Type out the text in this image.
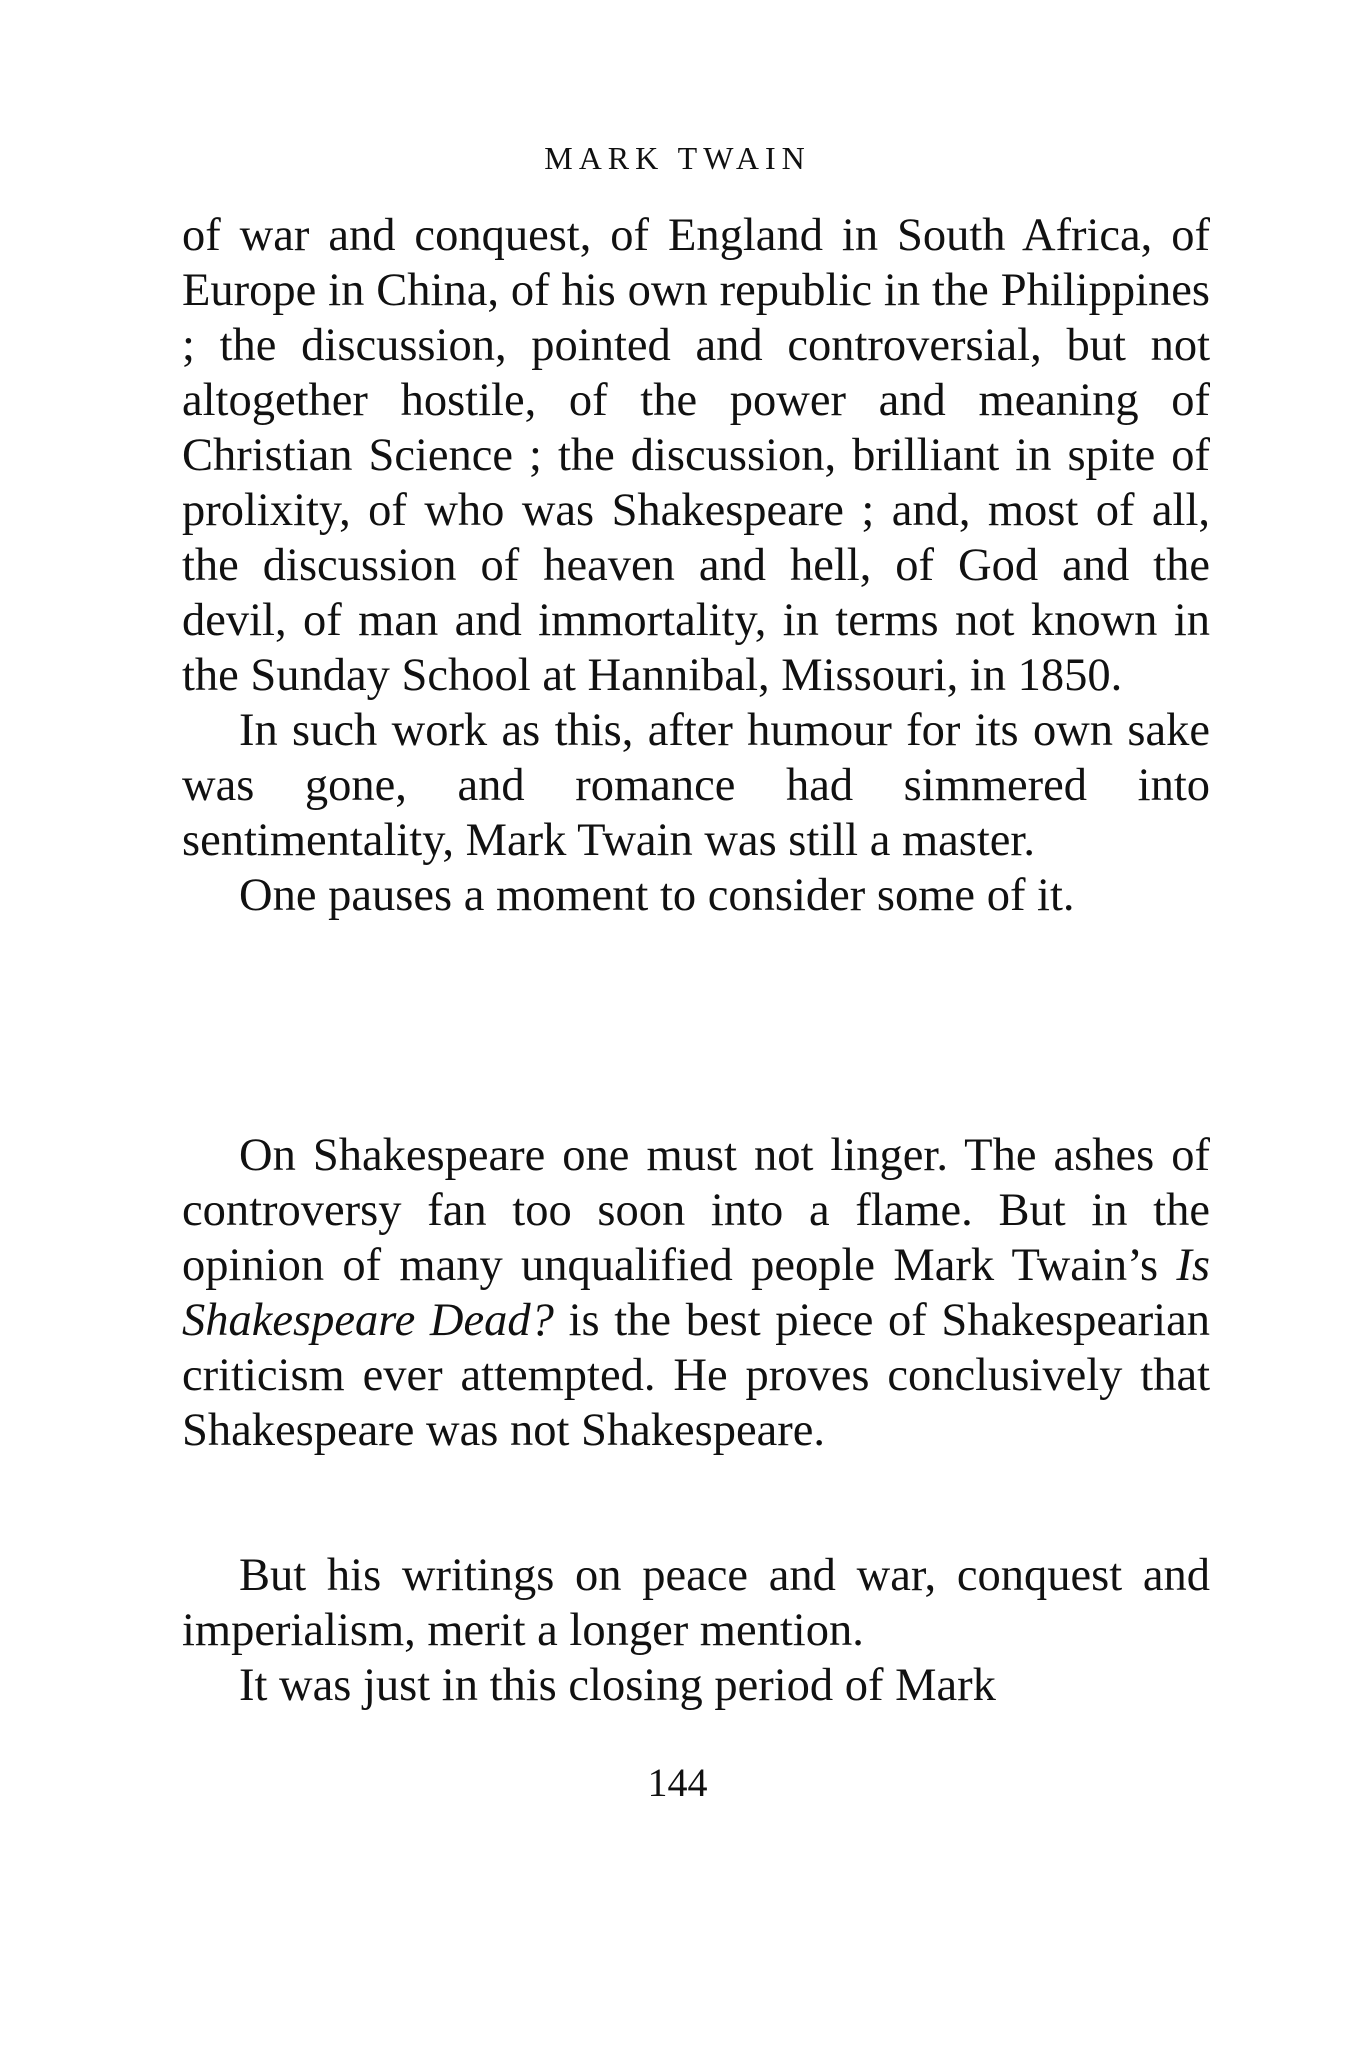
MARK TWAIN

of war and conquest, of England in South Africa, of Europe in China, of his own republic in the Philippines ; the discussion, pointed and controversial, but not altogether hostile, of the power and meaning of Christian Science ; the discussion, brilliant in spite of prolixity, of who was Shakespeare ; and, most of all, the discussion of heaven and hell, of God and the devil, of man and immortality, in terms not known in the Sunday School at Hannibal, Missouri, in 1850.

In such work as this, after humour for its own sake was gone, and romance had simmered into sentimentality, Mark Twain was still a master.

One pauses a moment to consider some of it.

On Shakespeare one must not linger. The ashes of controversy fan too soon into a flame. But in the opinion of many unqualified people Mark Twain’s Is Shakespeare Dead? is the best piece of Shakespearian criticism ever attempted. He proves conclusively that Shakespeare was not Shakespeare.

But his writings on peace and war, conquest and imperialism, merit a longer mention.

It was just in this closing period of Mark

144
